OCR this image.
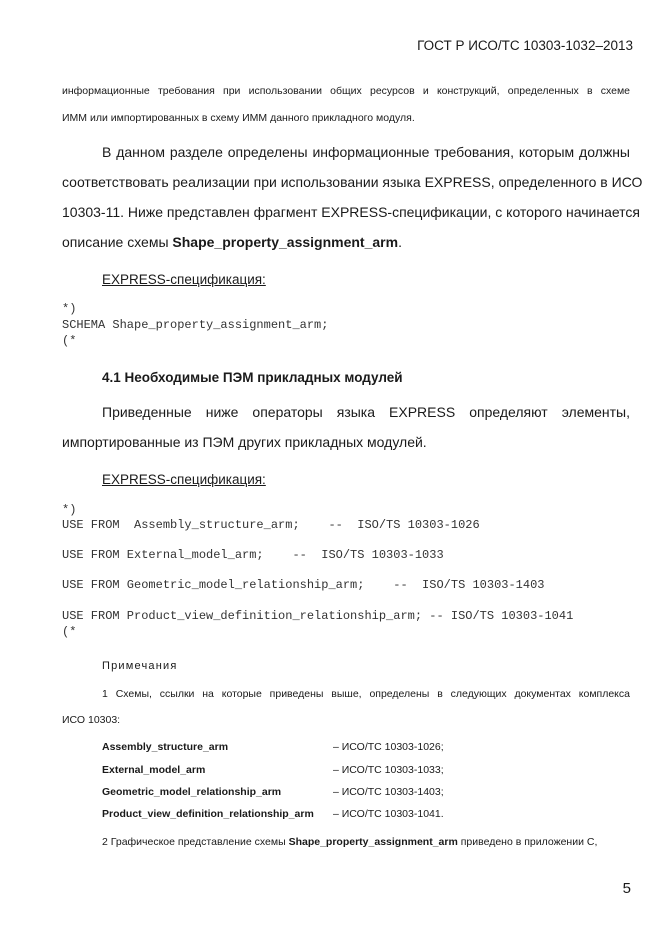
ГОСТ Р ИСО/ТС 10303-1032–2013
информационные требования при использовании общих ресурсов и конструкций, определенных в схеме
ИММ или импортированных в схему ИММ данного прикладного модуля.
В данном разделе определены информационные требования, которым должны
соответствовать реализации при использовании языка EXPRESS, определенного в ИСО
10303-11. Ниже представлен фрагмент EXPRESS-спецификации, с которого начинается
описание схемы Shape_property_assignment_arm.
EXPRESS-спецификация:
*)
SCHEMA Shape_property_assignment_arm;
(*
4.1 Необходимые ПЭМ прикладных модулей
Приведенные ниже операторы языка EXPRESS определяют элементы,
импортированные из ПЭМ других прикладных модулей.
EXPRESS-спецификация:
*)
USE FROM  Assembly_structure_arm;    --  ISO/TS 10303-1026
USE FROM External_model_arm;    --  ISO/TS 10303-1033
USE FROM Geometric_model_relationship_arm;    --  ISO/TS 10303-1403
USE FROM Product_view_definition_relationship_arm; -- ISO/TS 10303-1041
(*
Примечания
1 Схемы, ссылки на которые приведены выше, определены в следующих документах комплекса
ИСО 10303:
Assembly_structure_arm	– ИСО/ТС 10303-1026;
External_model_arm	– ИСО/ТС 10303-1033;
Geometric_model_relationship_arm	– ИСО/ТС 10303-1403;
Product_view_definition_relationship_arm – ИСО/ТС 10303-1041.
2 Графическое представление схемы Shape_property_assignment_arm приведено в приложении С,
5
